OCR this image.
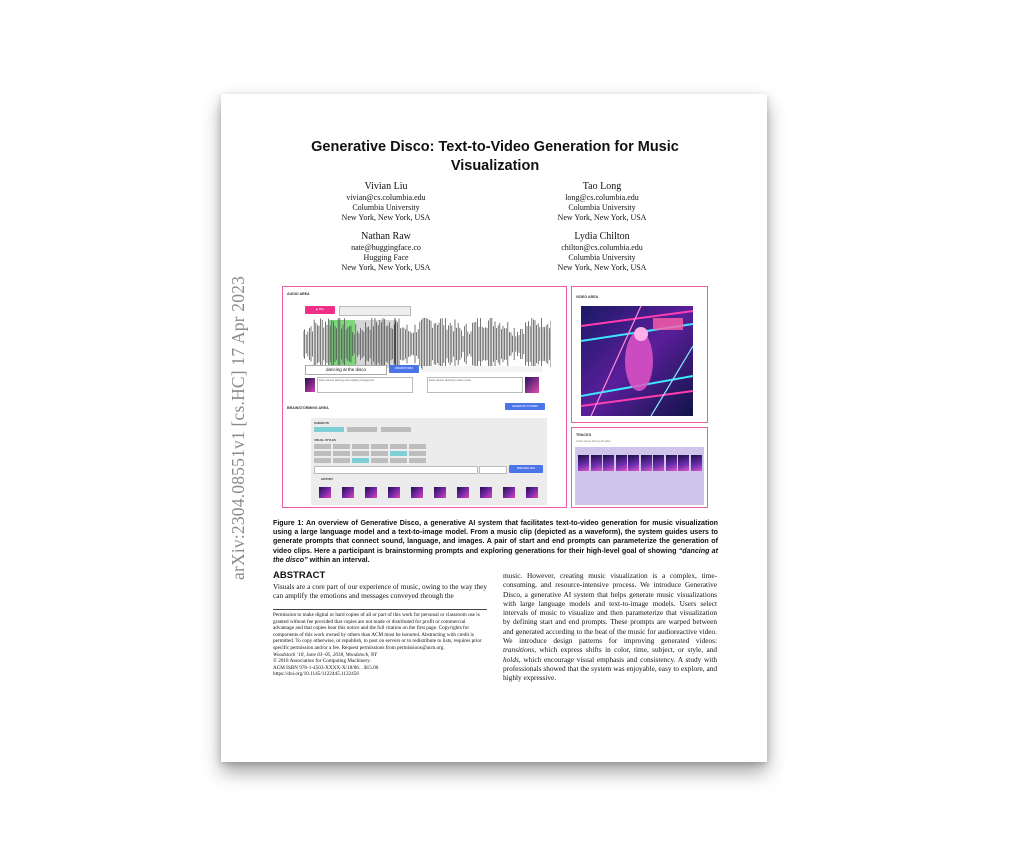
arXiv:2304.08551v1 [cs.HC] 17 Apr 2023
Generative Disco: Text-to-Video Generation for Music Visualization
Vivian Liu
vivian@cs.columbia.edu
Columbia University
New York, New York, USA
Tao Long
long@cs.columbia.edu
Columbia University
New York, New York, USA
Nathan Raw
nate@huggingface.co
Hugging Face
New York, New York, USA
Lydia Chilton
chilton@cs.columbia.edu
Columbia University
New York, New York, USA
AUDIO AREA
▶ Play
dancing at the disco	BRAINSTORM
Disco dancer dancing with a glittery background	Disco dancer dancing to disco music
BRAINSTORMING AREA	GENERATE STORIES
SUBJECTS
VISUAL STYLES
PREVIEW GEN
HISTORY
VIDEO AREA
TRACKS
A disco dancer dancing with glitter
Figure 1: An overview of Generative Disco, a generative AI system that facilitates text-to-video generation for music visualization using a large language model and a text-to-image model. From a music clip (depicted as a waveform), the system guides users to generate prompts that connect sound, language, and images. A pair of start and end prompts can parameterize the generation of video clips. Here a participant is brainstorming prompts and exploring generations for their high-level goal of showing “dancing at the disco” within an interval.
ABSTRACT
Visuals are a core part of our experience of music, owing to the way they can amplify the emotions and messages conveyed through the
music. However, creating music visualization is a complex, time-consuming, and resource-intensive process. We introduce Generative Disco, a generative AI system that helps generate music visualizations with large language models and text-to-image models. Users select intervals of music to visualize and then parameterize that visualization by defining start and end prompts. These prompts are warped between and generated according to the beat of the music for audioreactive video. We introduce design patterns for improving generated videos: transitions, which express shifts in color, time, subject, or style, and holds, which encourage visual emphasis and consistency. A study with professionals showed that the system was enjoyable, easy to explore, and highly expressive.
Permission to make digital or hard copies of all or part of this work for personal or classroom use is granted without fee provided that copies are not made or distributed for profit or commercial advantage and that copies bear this notice and the full citation on the first page. Copyrights for components of this work owned by others than ACM must be honored. Abstracting with credit is permitted. To copy otherwise, or republish, to post on servers or to redistribute to lists, requires prior specific permission and/or a fee. Request permissions from permissions@acm.org.
Woodstock ’18, June 03–05, 2018, Woodstock, NY
© 2018 Association for Computing Machinery.
ACM ISBN 978-1-4503-XXXX-X/18/06…$15.00
https://doi.org/10.1145/1122445.1122456
